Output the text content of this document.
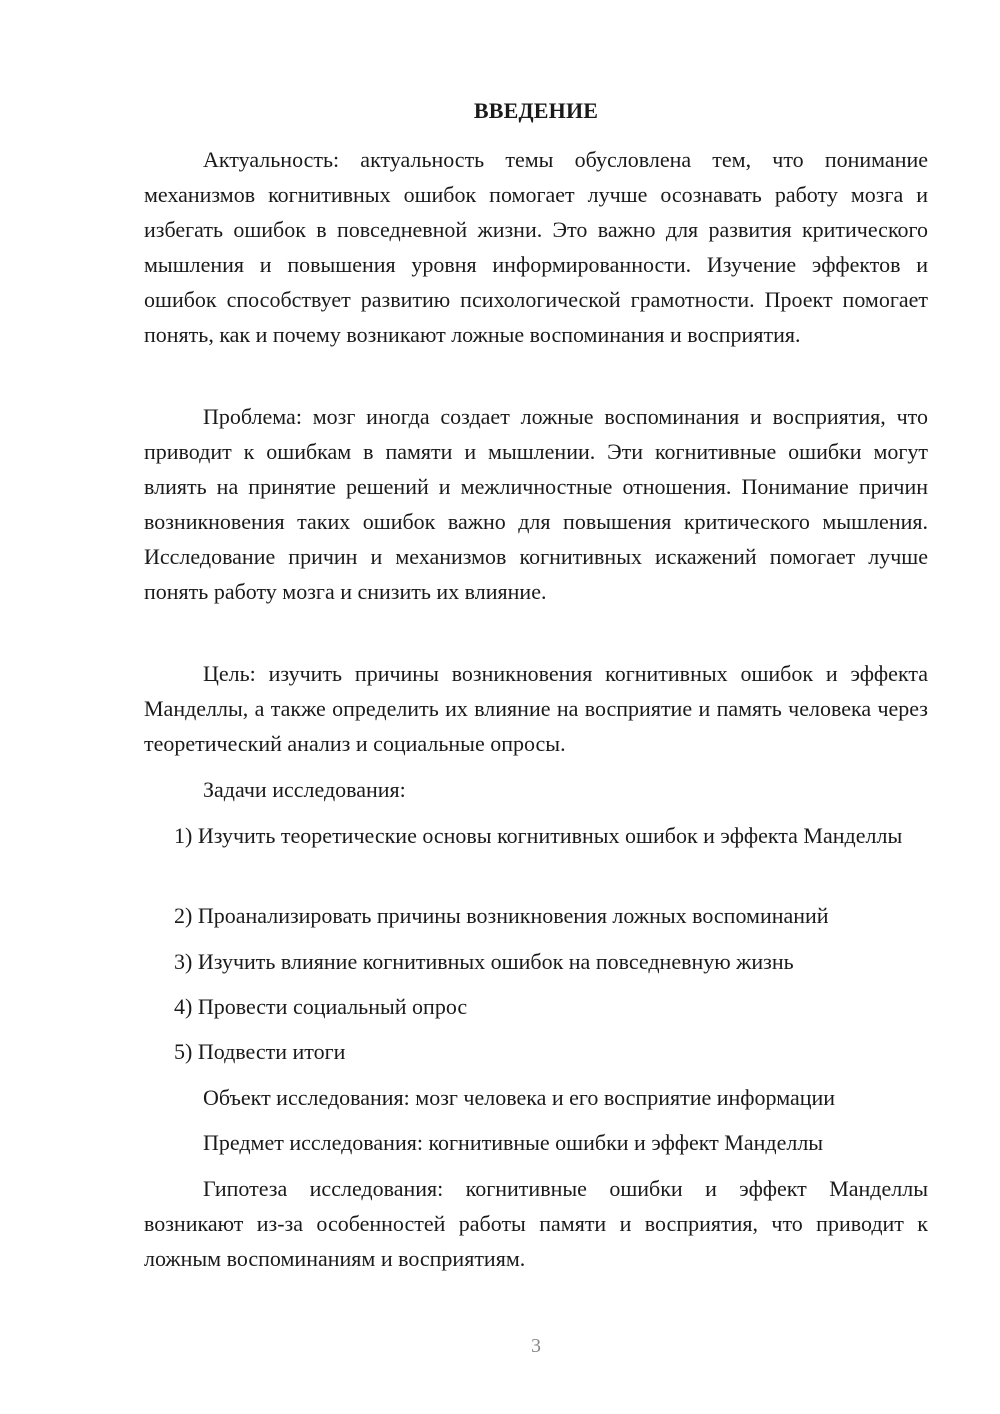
ВВЕДЕНИЕ

Актуальность: актуальность темы обусловлена тем, что понимание механизмов когнитивных ошибок помогает лучше осознавать работу мозга и избегать ошибок в повседневной жизни. Это важно для развития критического мышления и повышения уровня информированности. Изучение эффектов и ошибок способствует развитию психологической грамотности. Проект помогает понять, как и почему возникают ложные воспоминания и восприятия.

Проблема: мозг иногда создает ложные воспоминания и восприятия, что приводит к ошибкам в памяти и мышлении. Эти когнитивные ошибки могут влиять на принятие решений и межличностные отношения. Понимание причин возникновения таких ошибок важно для повышения критического мышления. Исследование причин и механизмов когнитивных искажений помогает лучше понять работу мозга и снизить их влияние.

Цель: изучить причины возникновения когнитивных ошибок и эффекта Манделлы, а также определить их влияние на восприятие и память человека через теоретический анализ и социальные опросы.

Задачи исследования:

1) Изучить теоретические основы когнитивных ошибок и эффекта Манделлы

2) Проанализировать причины возникновения ложных воспоминаний

3) Изучить влияние когнитивных ошибок на повседневную жизнь

4) Провести социальный опрос

5) Подвести итоги

Объект исследования: мозг человека и его восприятие информации

Предмет исследования: когнитивные ошибки и эффект Манделлы

Гипотеза исследования: когнитивные ошибки и эффект Манделлы возникают из-за особенностей работы памяти и восприятия, что приводит к ложным воспоминаниям и восприятиям.

3
